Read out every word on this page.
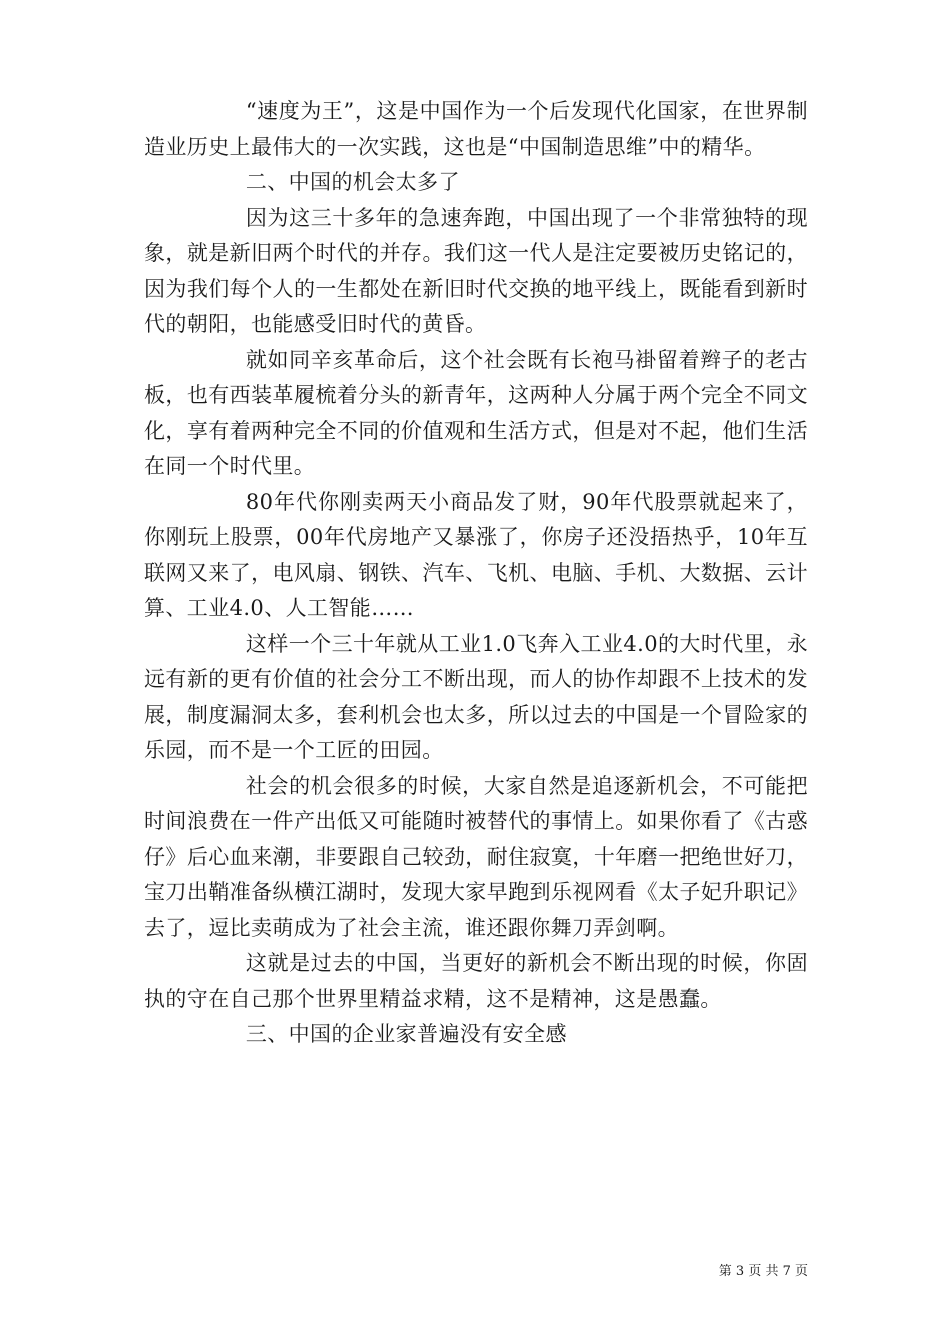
“速度为王”，这是中国作为一个后发现代化国家，在世界制造业历史上最伟大的一次实践，这也是“中国制造思维”中的精华。

二、中国的机会太多了

因为这三十多年的急速奔跑，中国出现了一个非常独特的现象，就是新旧两个时代的并存。我们这一代人是注定要被历史铭记的，因为我们每个人的一生都处在新旧时代交换的地平线上，既能看到新时代的朝阳，也能感受旧时代的黄昏。

就如同辛亥革命后，这个社会既有长袍马褂留着辫子的老古板，也有西装革履梳着分头的新青年，这两种人分属于两个完全不同文化，享有着两种完全不同的价值观和生活方式，但是对不起，他们生活在同一个时代里。

80年代你刚卖两天小商品发了财，90年代股票就起来了，你刚玩上股票，00年代房地产又暴涨了，你房子还没捂热乎，10年互联网又来了，电风扇、钢铁、汽车、飞机、电脑、手机、大数据、云计算、工业4.0、人工智能……

这样一个三十年就从工业1.0飞奔入工业4.0的大时代里，永远有新的更有价值的社会分工不断出现，而人的协作却跟不上技术的发展，制度漏洞太多，套利机会也太多，所以过去的中国是一个冒险家的乐园，而不是一个工匠的田园。

社会的机会很多的时候，大家自然是追逐新机会，不可能把时间浪费在一件产出低又可能随时被替代的事情上。如果你看了《古惑仔》后心血来潮，非要跟自己较劲，耐住寂寞，十年磨一把绝世好刀，宝刀出鞘准备纵横江湖时，发现大家早跑到乐视网看《太子妃升职记》去了，逗比卖萌成为了社会主流，谁还跟你舞刀弄剑啊。

这就是过去的中国，当更好的新机会不断出现的时候，你固执的守在自己那个世界里精益求精，这不是精神，这是愚蠢。

三、中国的企业家普遍没有安全感

第 3 页 共 7 页
